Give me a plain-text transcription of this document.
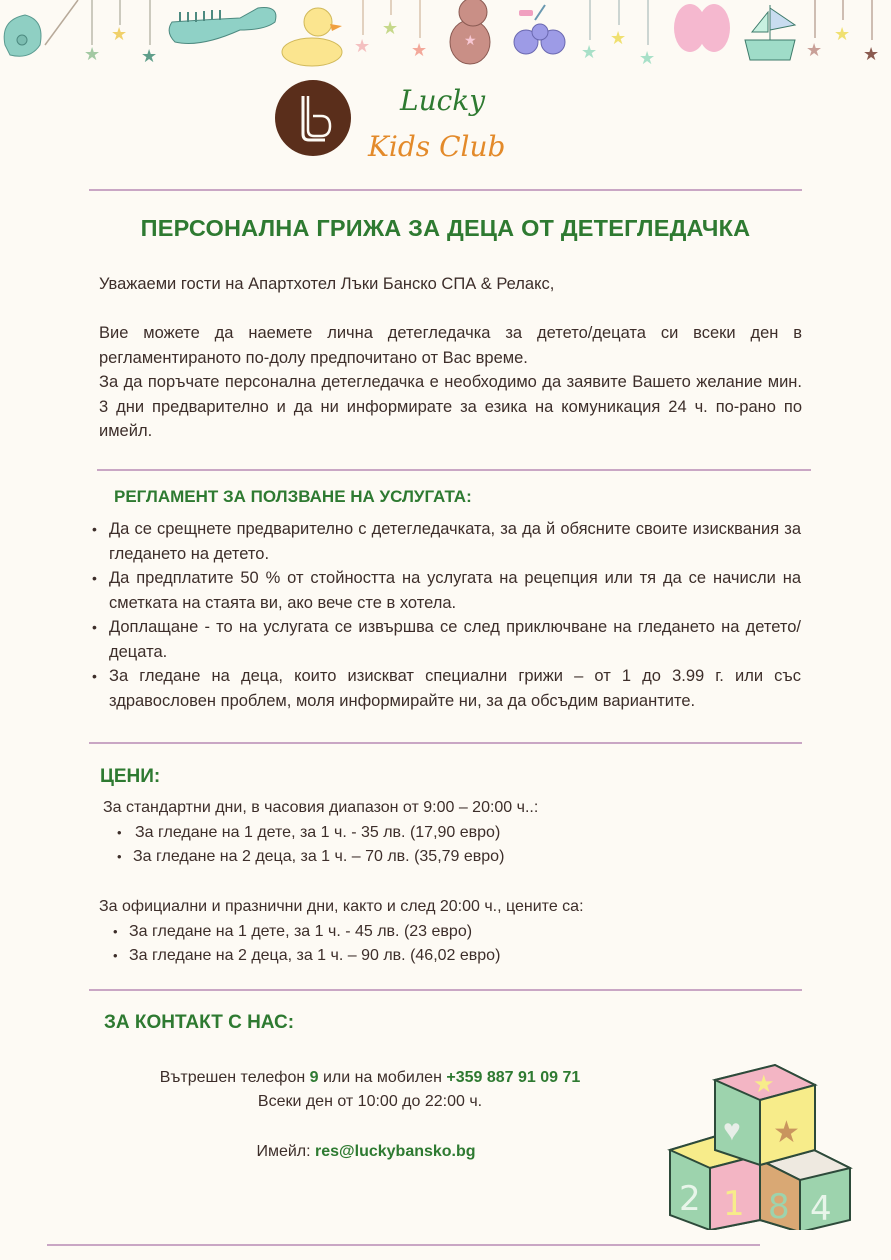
★
★
★	★
★
★	★
★
★
★	★
★
★
Lucky
Kids Club
ПЕРСОНАЛНА ГРИЖА ЗА ДЕЦА ОТ ДЕТЕГЛЕДАЧКА
Уважаеми гости на Апартхотел Лъки Банско СПА & Релакс,
Вие можете да наемете лична детегледачка за детето/децата си всеки ден в регламентираното по-долу предпочитано от Вас време.
За да поръчате персонална детегледачка е необходимо да заявите Вашето желание мин. 3 дни предварително и да ни информирате за езика на комуникация 24 ч. по-рано по имейл.
РЕГЛАМЕНТ ЗА ПОЛЗВАНЕ НА УСЛУГАТА:
• Да се срещнете предварително с детегледачката, за да й обясните своите изисквания за гледането на детето.
• Да предплатите 50 % от стойността на услугата на рецепция или тя да се начисли на сметката на стаята ви, ако вече сте в хотела.
• Доплащане - то на услугата се извършва се след приключване на гледането на детето/децата.
• За гледане на деца, които изискват специални грижи – от 1 до 3.99 г. или със здравословен проблем, моля информирайте ни, за да обсъдим вариантите.
ЦЕНИ:
За стандартни дни, в часовия диапазон от 9:00 – 20:00 ч..:
• За гледане на 1 дете, за 1 ч. - 35 лв. (17,90 евро)
• За гледане на 2 деца, за 1 ч. – 70 лв. (35,79 евро)
За официални и празнични дни, както и след 20:00 ч., цените са:
• За гледане на 1 дете, за 1 ч. - 45 лв. (23 евро)
• За гледане на 2 деца, за 1 ч. – 90 лв. (46,02 евро)
ЗА КОНТАКТ С НАС:
Вътрешен телефон 9 или на мобилен +359 887 91 09 71
Всеки ден от 10:00 до 22:00 ч.
Имейл: res@luckybansko.bg
2 1 8 4
★
♥ ★
